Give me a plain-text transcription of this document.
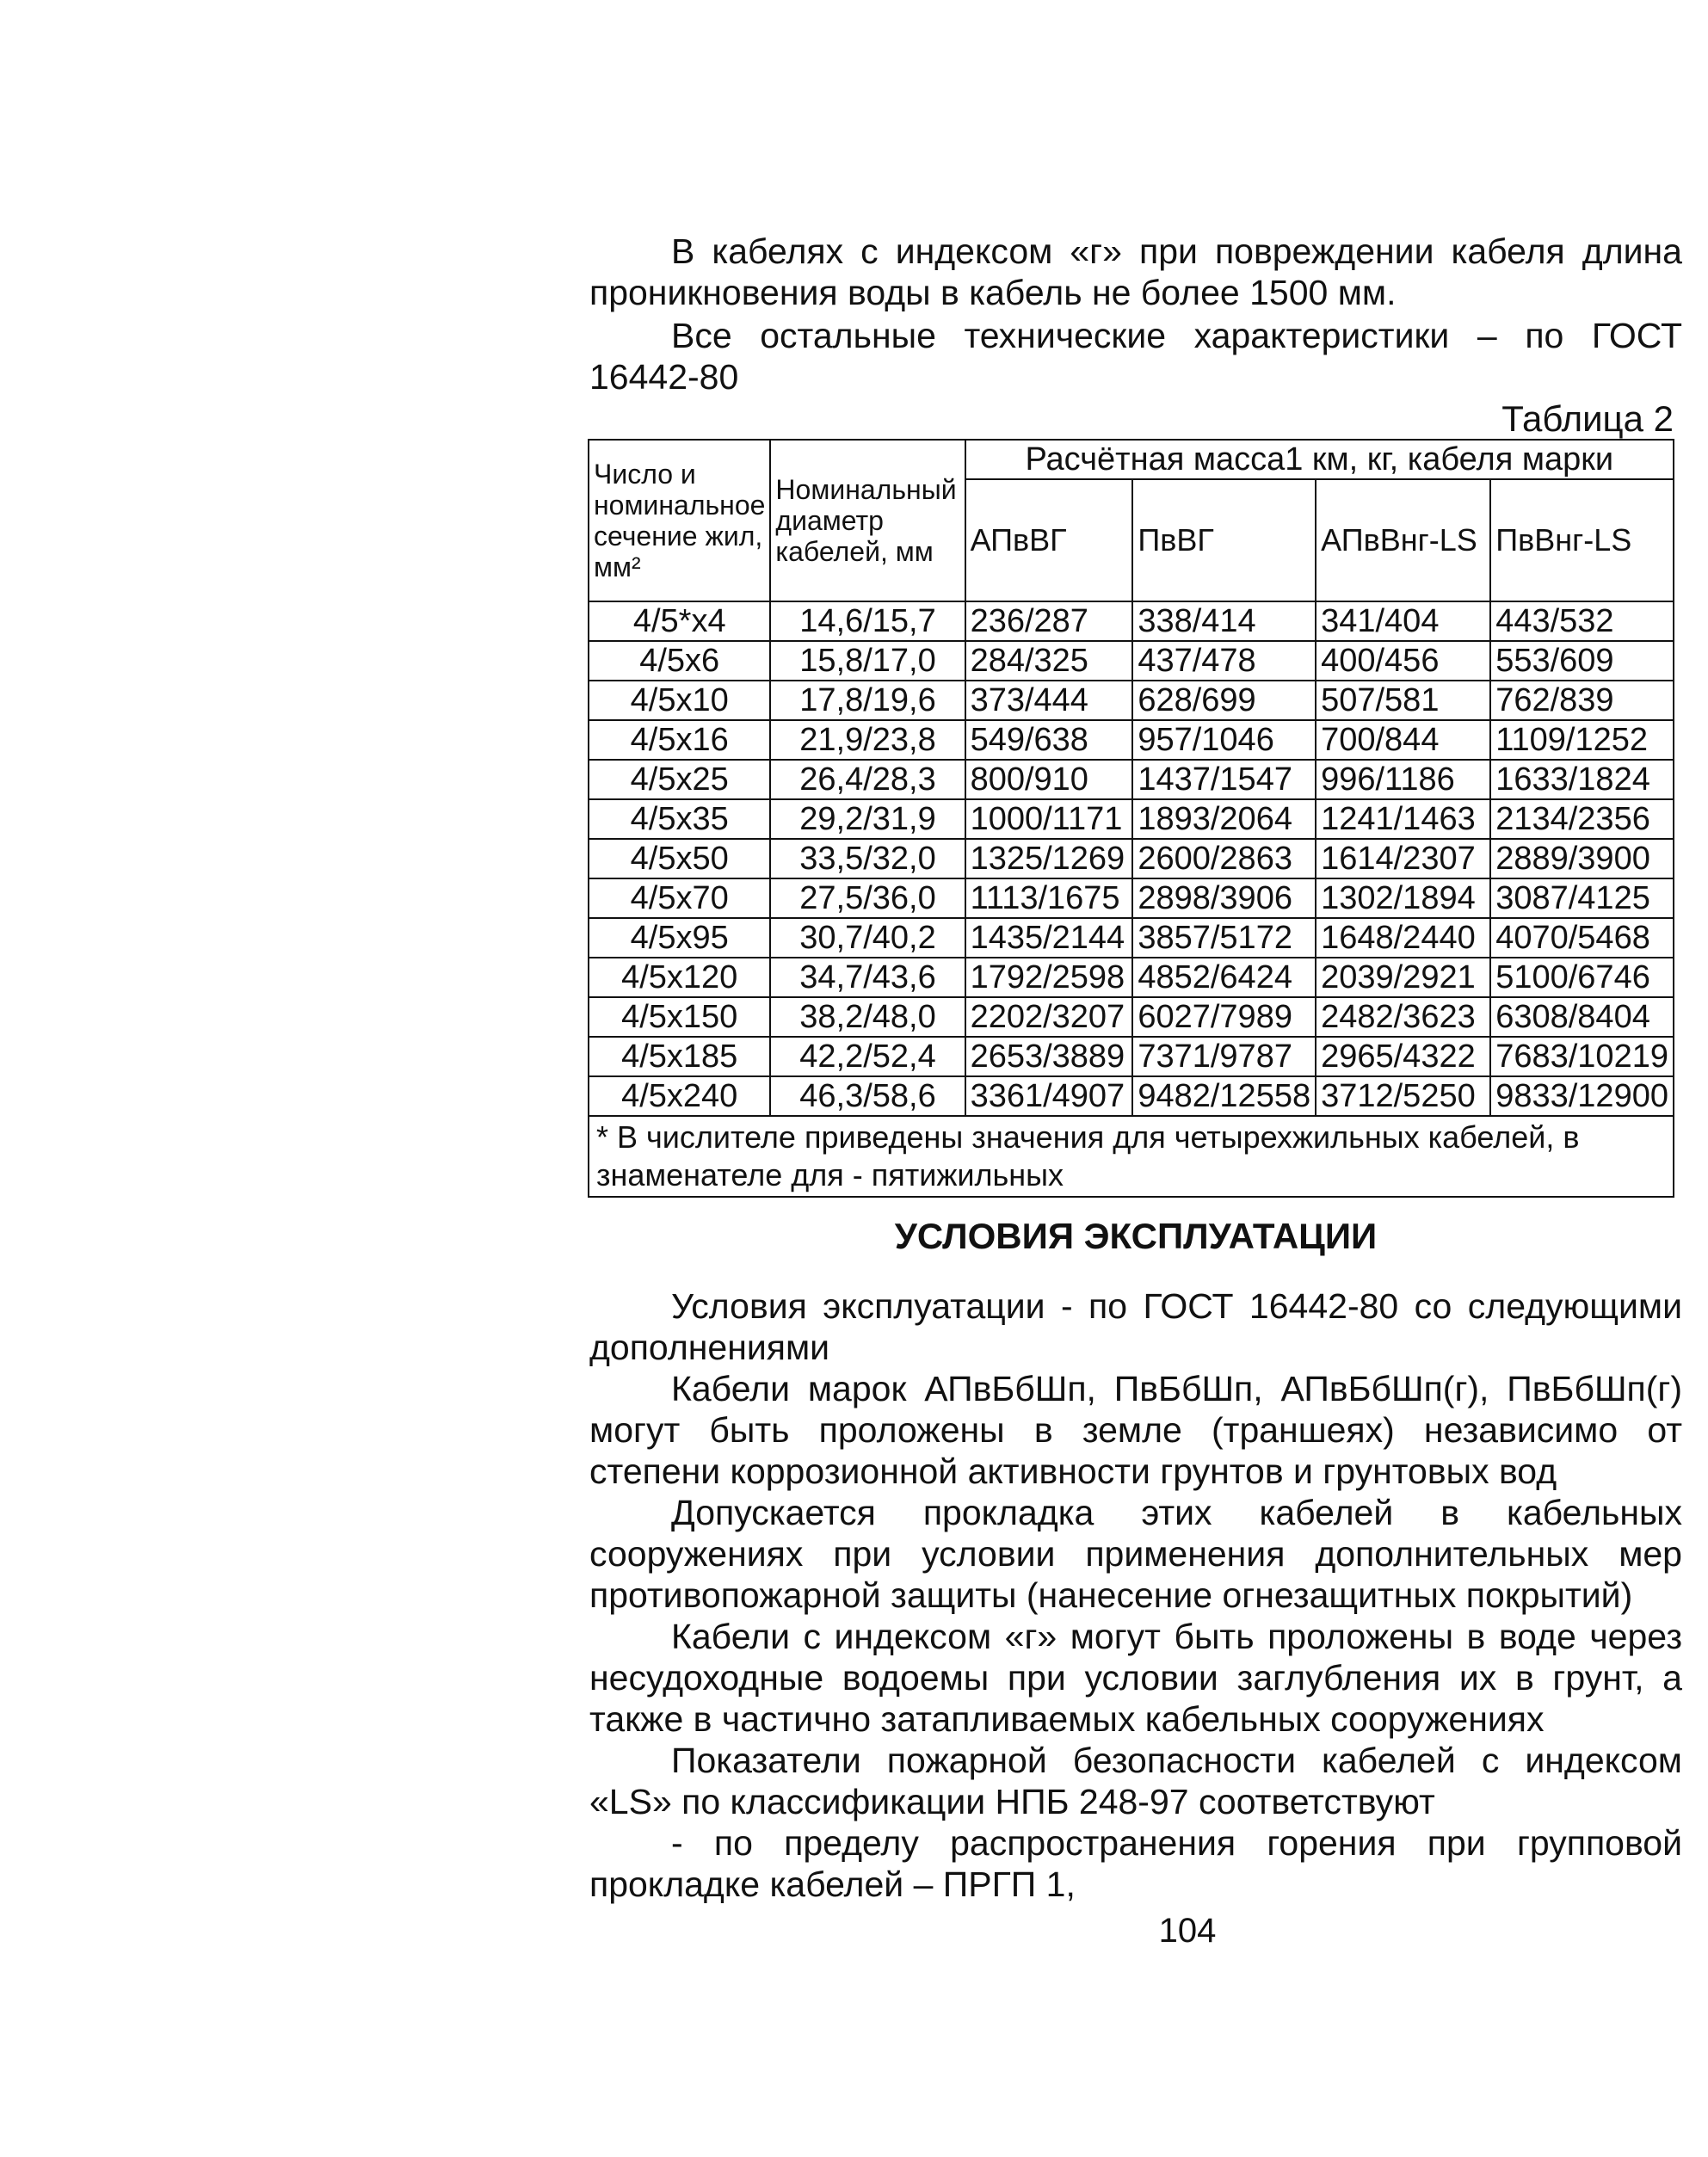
В кабелях с индексом «г» при повреждении кабеля длина проникновения воды в кабель не более 1500 мм.

Все остальные технические характеристики – по ГОСТ 16442-80

Таблица 2
Число и номинальное сечение жил, мм²	Номинальный диаметр кабелей, мм	Расчётная масса1 км, кг, кабеля марки			
		АПвВГ	ПвВГ	АПвВнг-LS	ПвВнг-LS
4/5*x4	14,6/15,7	236/287	338/414	341/404	443/532
4/5x6	15,8/17,0	284/325	437/478	400/456	553/609
4/5x10	17,8/19,6	373/444	628/699	507/581	762/839
4/5x16	21,9/23,8	549/638	957/1046	700/844	1109/1252
4/5x25	26,4/28,3	800/910	1437/1547	996/1186	1633/1824
4/5x35	29,2/31,9	1000/1171	1893/2064	1241/1463	2134/2356
4/5x50	33,5/32,0	1325/1269	2600/2863	1614/2307	2889/3900
4/5x70	27,5/36,0	1113/1675	2898/3906	1302/1894	3087/4125
4/5x95	30,7/40,2	1435/2144	3857/5172	1648/2440	4070/5468
4/5x120	34,7/43,6	1792/2598	4852/6424	2039/2921	5100/6746
4/5x150	38,2/48,0	2202/3207	6027/7989	2482/3623	6308/8404
4/5x185	42,2/52,4	2653/3889	7371/9787	2965/4322	7683/10219
4/5x240	46,3/58,6	3361/4907	9482/12558	3712/5250	9833/12900
* В числителе приведены значения для четырехжильных кабелей, в знаменателе для - пятижильных					
УСЛОВИЯ ЭКСПЛУАТАЦИИ

Условия эксплуатации - по ГОСТ 16442-80 со следующими дополнениями

Кабели марок АПвБбШп, ПвБбШп, АПвБбШп(г), ПвБбШп(г) могут быть проложены в земле (траншеях) независимо от степени коррозионной активности грунтов и грунтовых вод

Допускается прокладка этих кабелей в кабельных сооружениях при условии применения дополнительных мер противопожарной защиты (нанесение огнезащитных покрытий)

Кабели с индексом «г» могут быть проложены в воде через несудоходные водоемы при условии заглубления их в грунт, а также в частично затапливаемых кабельных сооружениях

Показатели пожарной безопасности кабелей с индексом «LS» по классификации НПБ 248-97 соответствуют

- по пределу распространения горения при групповой прокладке кабелей – ПРГП 1,

104
